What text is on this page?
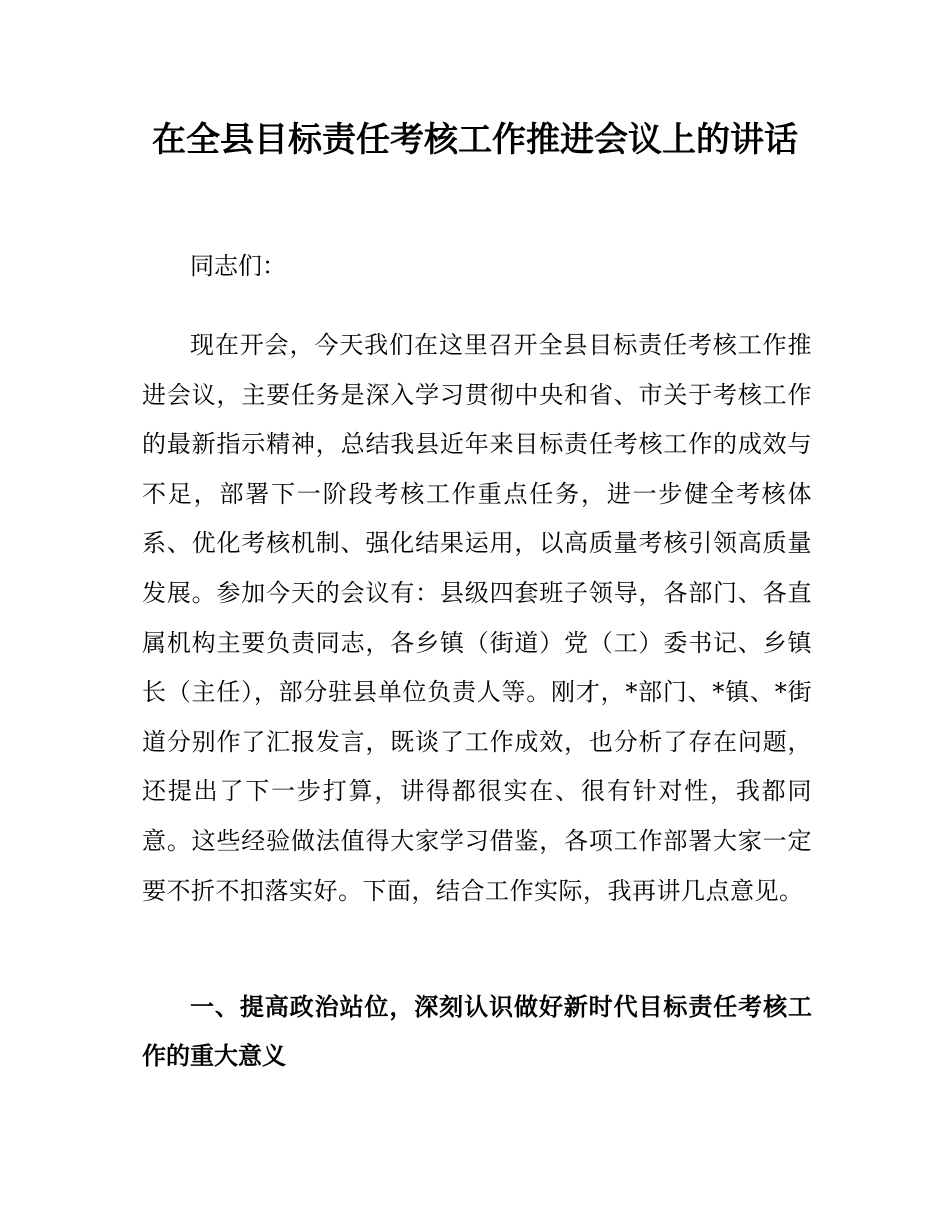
在全县目标责任考核工作推进会议上的讲话

同志们：

现在开会，今天我们在这里召开全县目标责任考核工作推进会议，主要任务是深入学习贯彻中央和省、市关于考核工作的最新指示精神，总结我县近年来目标责任考核工作的成效与不足，部署下一阶段考核工作重点任务，进一步健全考核体系、优化考核机制、强化结果运用，以高质量考核引领高质量发展。参加今天的会议有：县级四套班子领导，各部门、各直属机构主要负责同志，各乡镇（街道）党（工）委书记、乡镇长（主任），部分驻县单位负责人等。刚才，*部门、*镇、*街道分别作了汇报发言，既谈了工作成效，也分析了存在问题，还提出了下一步打算，讲得都很实在、很有针对性，我都同意。这些经验做法值得大家学习借鉴，各项工作部署大家一定要不折不扣落实好。下面，结合工作实际，我再讲几点意见。

一、提高政治站位，深刻认识做好新时代目标责任考核工作的重大意义
